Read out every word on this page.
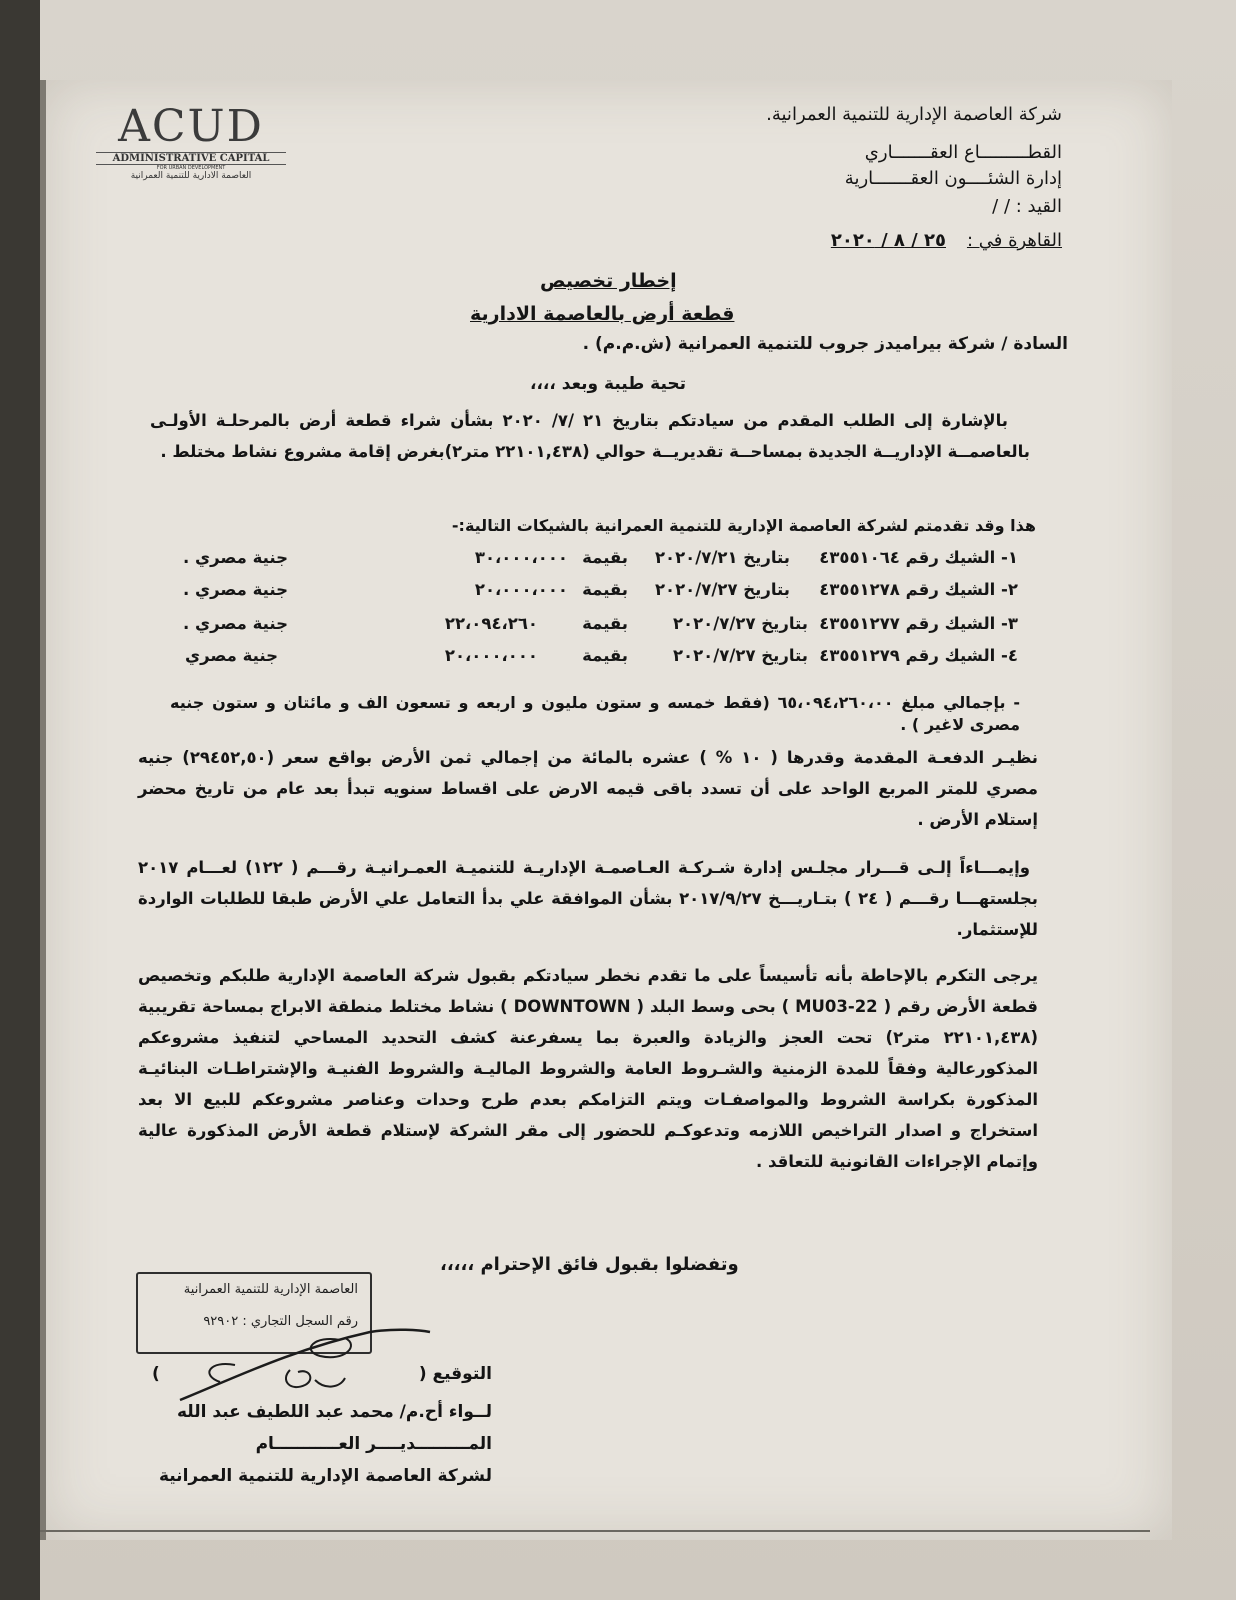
ACUD
ADMINISTRATIVE CAPITAL
FOR URBAN DEVELOPMENT
العاصمة الادارية للتنمية العمرانية
شركة العاصمة الإدارية للتنمية العمرانية.
القطـــــــــاع العقـــــــاري
إدارة الشئــــون العقـــــــارية
القيد : / /
القاهرة في :
٢٥ / ٨ / ٢٠٢٠
إخطار تخصيص
قطعة أرض بالعاصمة الادارية
السادة / شركة بيراميدز جروب للتنمية العمرانية (ش.م.م) .
تحية طيبة وبعد ،،،،
بالإشارة إلى الطلب المقدم من سيادتكم بتاريخ ٢١ /٧/ ٢٠٢٠ بشأن شراء قطعة أرض بالمرحلـة الأولـى بالعاصمــة الإداريــة الجديدة بمساحــة تقديريــة حوالي (٢٢١٠١,٤٣٨ متر٢)بغرض إقامة مشروع نشاط مختلط .
هذا وقد تقدمتم لشركة العاصمة الإدارية للتنمية العمرانية بالشيكات التالية:-
١- الشيك رقم ٤٣٥٥١٠٦٤
بتاريخ ٢٠٢٠/٧/٢١
بقيمة
٣٠،٠٠٠،٠٠٠
جنية مصري .
٢- الشيك رقم ٤٣٥٥١٢٧٨
بتاريخ ٢٠٢٠/٧/٢٧
بقيمة
٢٠،٠٠٠،٠٠٠
جنية مصري .
٣- الشيك رقم ٤٣٥٥١٢٧٧
بتاريخ ٢٠٢٠/٧/٢٧
بقيمة
٢٢،٠٩٤،٢٦٠
جنية مصري .
٤- الشيك رقم ٤٣٥٥١٢٧٩
بتاريخ ٢٠٢٠/٧/٢٧
بقيمة
٢٠،٠٠٠،٠٠٠
جنية مصري
- بإجمالي مبلغ ٦٥،٠٩٤،٢٦٠،٠٠ (فقط خمسه و ستون مليون و اربعه و تسعون الف و مائتان و ستون جنيه مصرى لاغير ) .
نظيـر الدفعـة المقدمة وقدرها ( ١٠ % ) عشره بالمائة من إجمالي ثمن الأرض بواقع سعر (٢٩٤٥٢,٥٠) جنيه مصري للمتر المربع الواحد على أن تسدد باقى قيمه الارض على اقساط سنويه تبدأ بعد عام من تاريخ محضر إستلام الأرض .
وإيمـــاءاً إلـى قـــرار مجلـس إدارة شـركـة العـاصمـة الإداريـة للتنميـة العمـرانيـة رقـــم ( ١٢٢) لعـــام ٢٠١٧ بجلستهـــا رقـــم ( ٢٤ ) بتـاريـــخ ٢٠١٧/٩/٢٧ بشأن الموافقة علي بدأ التعامل علي الأرض طبقا للطلبات الواردة للإستثمار.
يرجى التكرم بالإحاطة بأنه تأسيساً على ما تقدم نخطر سيادتكم بقبول شركة العاصمة الإدارية طلبكم وتخصيص قطعة الأرض رقم ( MU03-22 ) بحى وسط البلد ( DOWNTOWN ) نشاط مختلط منطقة الابراج بمساحة تقريبية (٢٢١٠١,٤٣٨ متر٢) تحت العجز والزيادة والعبرة بما يسفرعنة كشف التحديد المساحي لتنفيذ مشروعكم المذكورعالية وفقاً للمدة الزمنية والشـروط العامة والشروط الماليـة والشروط الفنيـة والإشتراطـات البنائيـة المذكورة بكراسة الشروط والمواصفـات ويتم التزامكم بعدم طرح وحدات وعناصر مشروعكم للبيع الا بعد استخراج و اصدار التراخيص اللازمه وتدعوكـم للحضور إلى مقر الشركة لإستلام قطعة الأرض المذكورة عالية وإتمام الإجراءات القانونية للتعاقد .
وتفضلوا بقبول فائق الإحترام ،،،،،
العاصمة الإدارية للتنمية العمرانية
رقم السجل التجاري : ٩٢٩٠٢
التوقيع (
)
لــواء أح.م/ محمد عبد اللطيف عبد الله
المـــــــــديــــر العـــــــــــام
لشركة العاصمة الإدارية للتنمية العمرانية
